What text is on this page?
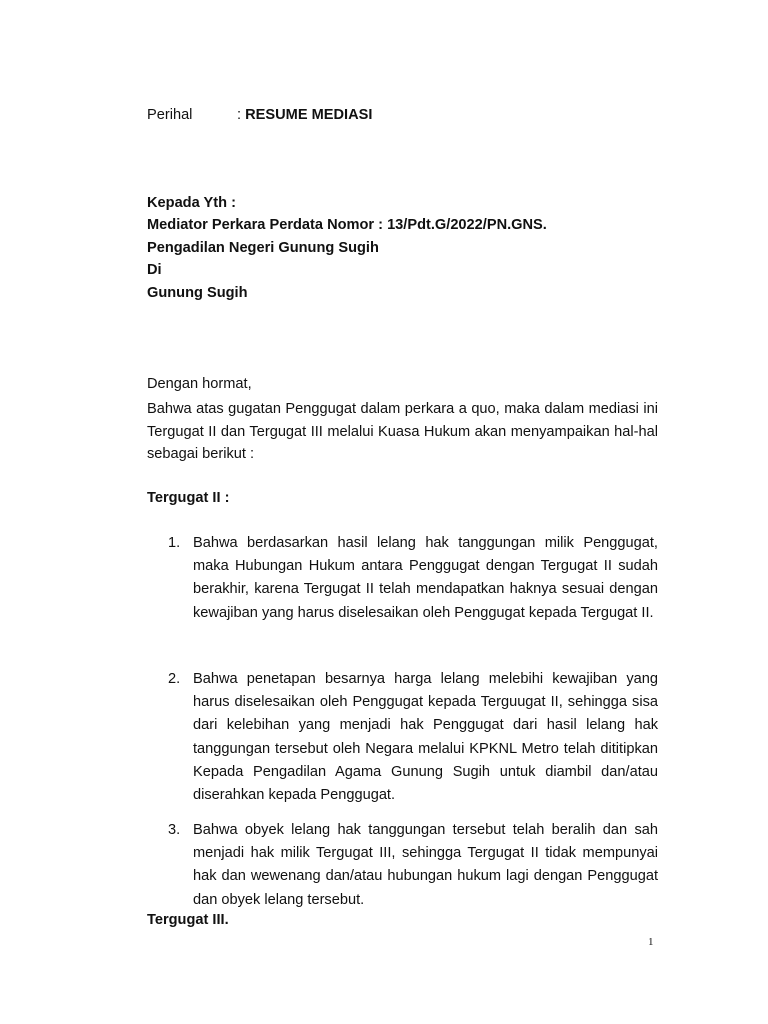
Perihal	: RESUME MEDIASI
Kepada Yth :
Mediator Perkara Perdata Nomor : 13/Pdt.G/2022/PN.GNS.
Pengadilan Negeri Gunung Sugih
Di
Gunung Sugih
Dengan hormat,
Bahwa atas gugatan Penggugat dalam perkara a quo, maka dalam mediasi ini Tergugat II dan Tergugat III melalui Kuasa Hukum akan menyampaikan hal-hal sebagai berikut :
Tergugat II :
1. Bahwa berdasarkan hasil lelang hak tanggungan milik Penggugat, maka Hubungan Hukum antara Penggugat dengan Tergugat II sudah berakhir, karena Tergugat II telah mendapatkan haknya sesuai dengan kewajiban yang harus diselesaikan oleh Penggugat kepada Tergugat II.
2. Bahwa penetapan besarnya harga lelang melebihi kewajiban yang harus diselesaikan oleh Penggugat kepada Terguugat II, sehingga sisa dari kelebihan yang menjadi hak Penggugat dari hasil lelang hak tanggungan tersebut oleh Negara melalui KPKNL Metro telah dititipkan Kepada Pengadilan Agama Gunung Sugih untuk diambil dan/atau diserahkan kepada Penggugat.
3. Bahwa obyek lelang hak tanggungan tersebut telah beralih dan sah menjadi hak milik Tergugat III, sehingga Tergugat II tidak mempunyai hak dan wewenang dan/atau hubungan hukum lagi dengan Penggugat dan obyek lelang tersebut.
Tergugat III.
1
